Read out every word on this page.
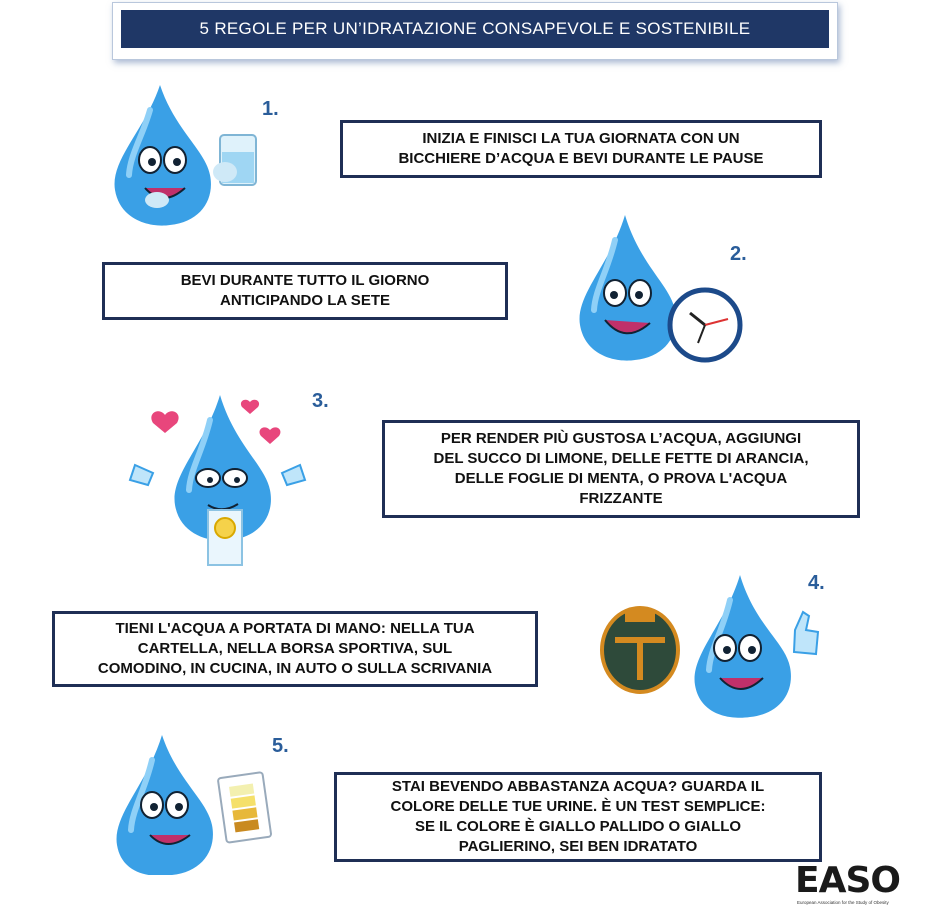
5 REGOLE PER UN’IDRATAZIONE CONSAPEVOLE E SOSTENIBILE
1.
INIZIA E FINISCI LA TUA GIORNATA CON UN
BICCHIERE D’ACQUA E BEVI DURANTE LE PAUSE
BEVI DURANTE TUTTO IL GIORNO
ANTICIPANDO LA SETE
2.
3.
PER RENDER PIÙ GUSTOSA L’ACQUA, AGGIUNGI
DEL SUCCO DI LIMONE, DELLE FETTE DI ARANCIA,
DELLE FOGLIE DI MENTA, O PROVA L'ACQUA
FRIZZANTE
TIENI L'ACQUA A PORTATA DI MANO: NELLA TUA
CARTELLA, NELLA BORSA SPORTIVA, SUL
COMODINO, IN CUCINA, IN AUTO O SULLA SCRIVANIA
4.
5.
STAI BEVENDO ABBASTANZA ACQUA? GUARDA IL
COLORE DELLE TUE URINE. È UN TEST SEMPLICE:
SE IL COLORE È GIALLO PALLIDO O GIALLO
PAGLIERINO, SEI BEN IDRATATO
EASO
European Association for the Study of Obesity
